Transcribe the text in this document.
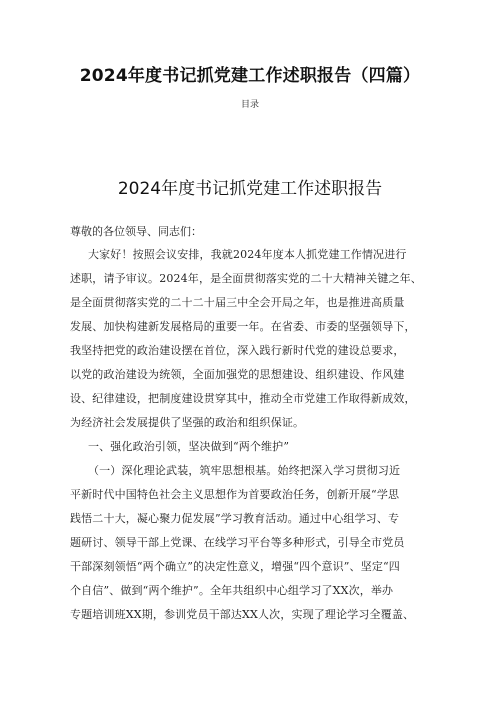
2024年度书记抓党建工作述职报告（四篇）
目录
2024年度书记抓党建工作述职报告
尊敬的各位领导、同志们：
大家好！按照会议安排，我就2024年度本人抓党建工作情况进行
述职，请予审议。2024年，是全面贯彻落实党的二十大精神关键之年、
是全面贯彻落实党的二十二十届三中全会开局之年，也是推进高质量
发展、加快构建新发展格局的重要一年。在省委、市委的坚强领导下，
我坚持把党的政治建设摆在首位，深入践行新时代党的建设总要求，
以党的政治建设为统领，全面加强党的思想建设、组织建设、作风建
设、纪律建设，把制度建设贯穿其中，推动全市党建工作取得新成效，
为经济社会发展提供了坚强的政治和组织保证。
一、强化政治引领，坚决做到“两个维护”
（一）深化理论武装，筑牢思想根基。始终把深入学习贯彻习近
平新时代中国特色社会主义思想作为首要政治任务，创新开展“学思
践悟二十大，凝心聚力促发展”学习教育活动。通过中心组学习、专
题研讨、领导干部上党课、在线学习平台等多种形式，引导全市党员
干部深刻领悟“两个确立”的决定性意义，增强“四个意识”、坚定“四
个自信”、做到“两个维护”。全年共组织中心组学习了XX次，举办
专题培训班XX期，参训党员干部达XX人次，实现了理论学习全覆盖、
